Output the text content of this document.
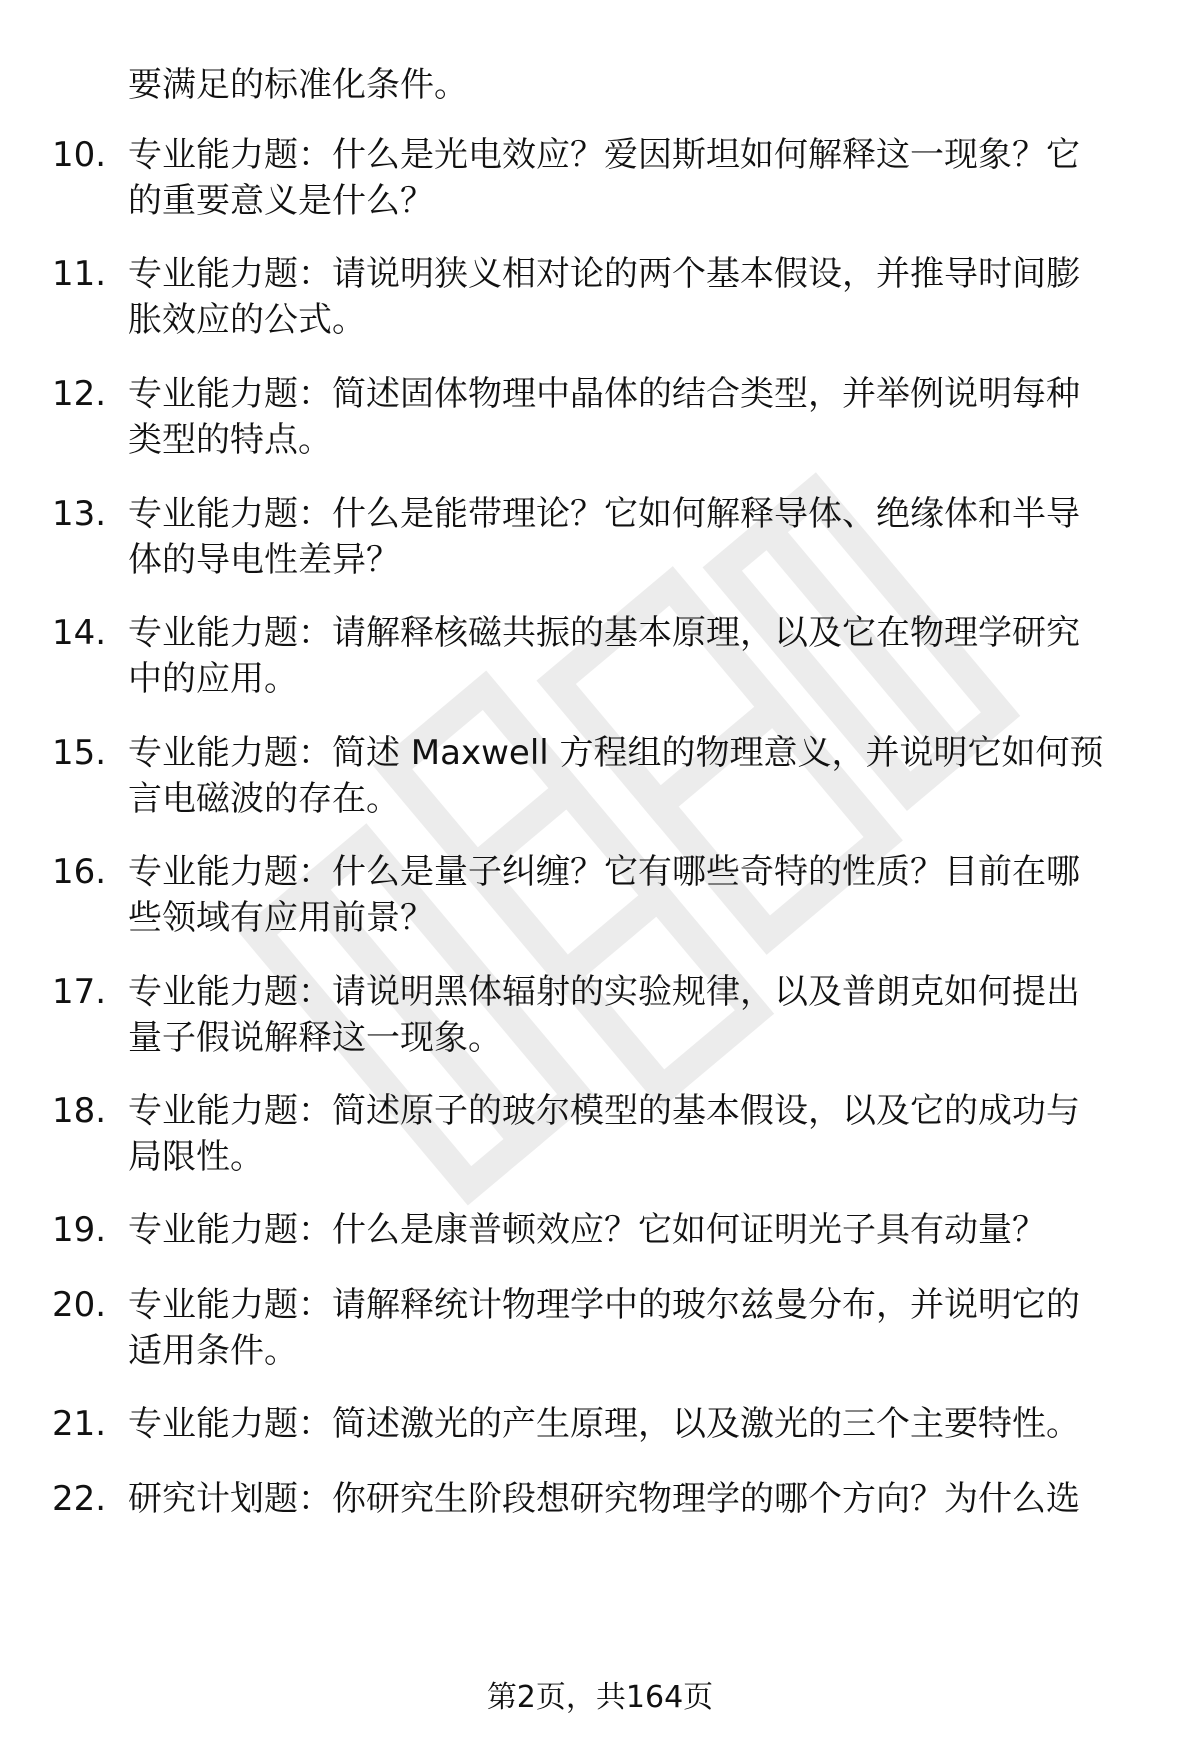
要满足的标准化条件。
10. 专业能力题：什么是光电效应？爱因斯坦如何解释这一现象？它
的重要意义是什么？
11. 专业能力题：请说明狭义相对论的两个基本假设，并推导时间膨
胀效应的公式。
12. 专业能力题：简述固体物理中晶体的结合类型，并举例说明每种
类型的特点。
13. 专业能力题：什么是能带理论？它如何解释导体、绝缘体和半导
体的导电性差异？
14. 专业能力题：请解释核磁共振的基本原理，以及它在物理学研究
中的应用。
15. 专业能力题：简述 Maxwell 方程组的物理意义，并说明它如何预
言电磁波的存在。
16. 专业能力题：什么是量子纠缠？它有哪些奇特的性质？目前在哪
些领域有应用前景？
17. 专业能力题：请说明黑体辐射的实验规律，以及普朗克如何提出
量子假说解释这一现象。
18. 专业能力题：简述原子的玻尔模型的基本假设，以及它的成功与
局限性。
19. 专业能力题：什么是康普顿效应？它如何证明光子具有动量？
20. 专业能力题：请解释统计物理学中的玻尔兹曼分布，并说明它的
适用条件。
21. 专业能力题：简述激光的产生原理，以及激光的三个主要特性。
22. 研究计划题：你研究生阶段想研究物理学的哪个方向？为什么选
第2页，共164页
